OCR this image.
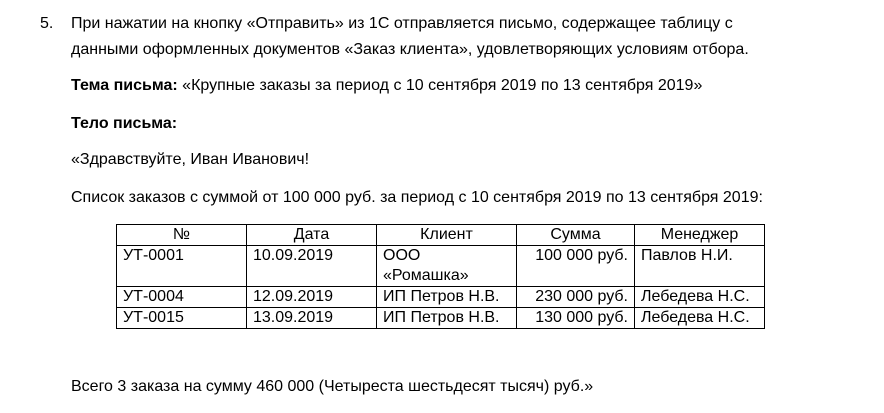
5. При нажатии на кнопку «Отправить» из 1С отправляется письмо, содержащее таблицу с
данными оформленных документов «Заказ клиента», удовлетворяющих условиям отбора.
Тема письма: «Крупные заказы за период с 10 сентября 2019 по 13 сентября 2019»
Тело письма:
«Здравствуйте, Иван Иванович!
Список заказов с суммой от 100 000 руб. за период с 10 сентября 2019 по 13 сентября 2019:
№	Дата	Клиент	Сумма	Менеджер
УТ-0001	10.09.2019	ООО «Ромашка»	100 000 руб.	Павлов Н.И.
УТ-0004	12.09.2019	ИП Петров Н.В.	230 000 руб.	Лебедева Н.С.
УТ-0015	13.09.2019	ИП Петров Н.В.	130 000 руб.	Лебедева Н.С.
Всего 3 заказа на сумму 460 000 (Четыреста шестьдесят тысяч) руб.»
